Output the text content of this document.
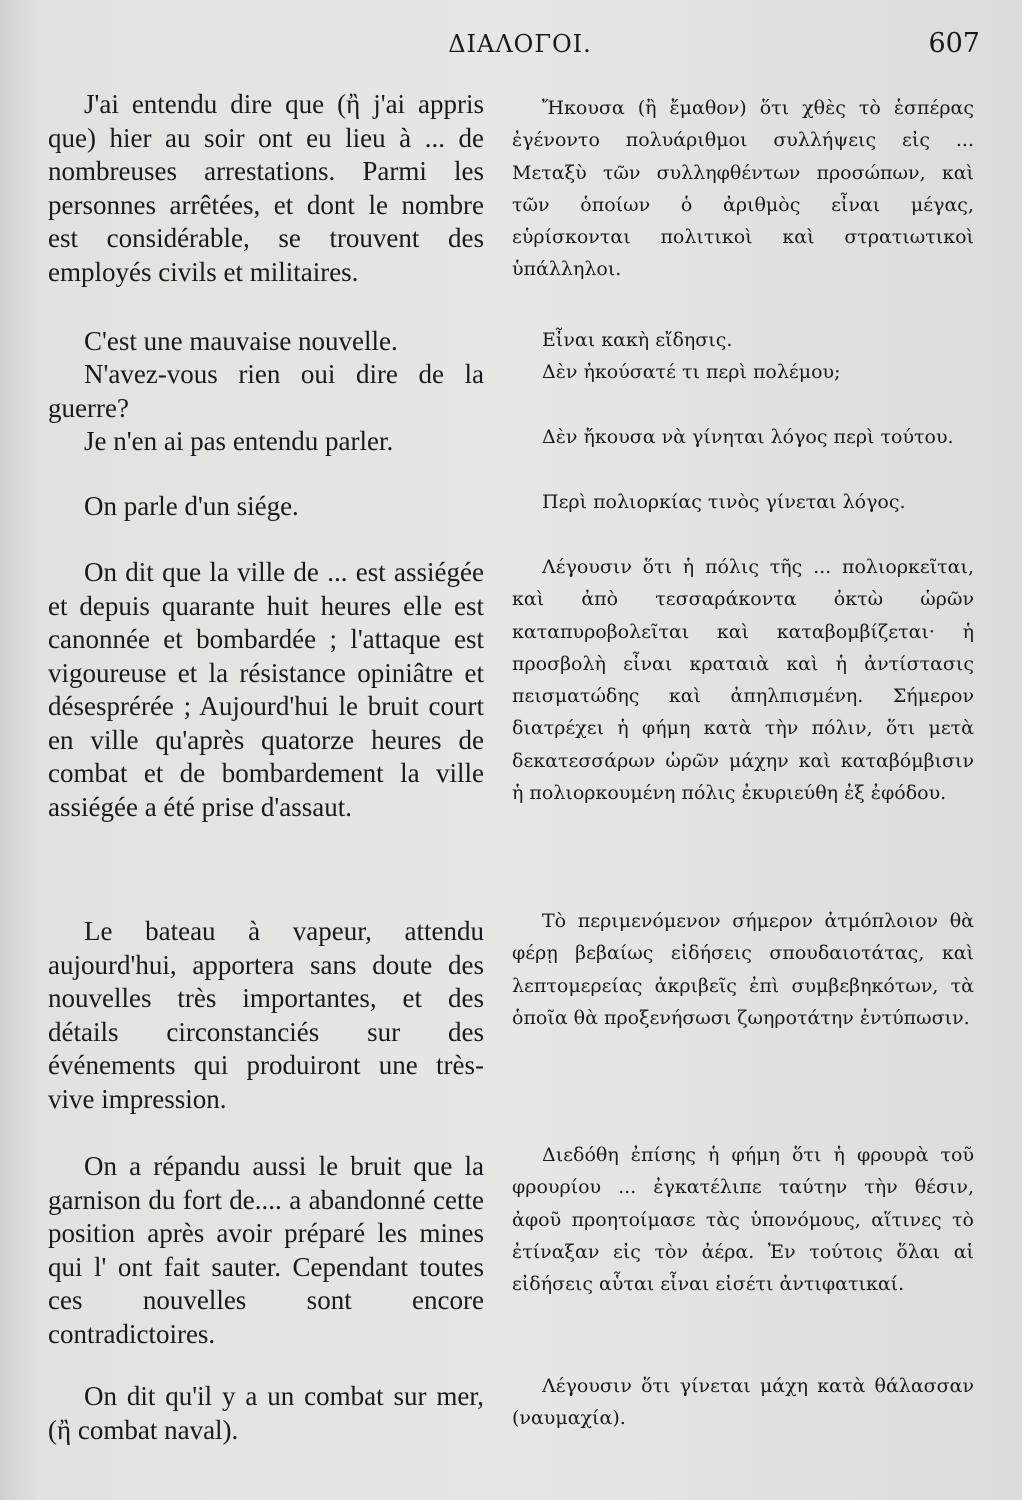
ΔΙΑΛΟΓΟΙ.	607

J'ai entendu dire que (ἢ j'ai appris que) hier au soir ont eu lieu à ... de nombreuses arrestations. Parmi les personnes arrêtées, et dont le nombre est considérable, se trouvent des employés civils et militaires.

C'est une mauvaise nouvelle.

N'avez-vous rien oui dire de la guerre?

Je n'en ai pas entendu parler.

On parle d'un siége.

On dit que la ville de ... est assiégée et depuis quarante huit heures elle est canonnée et bombardée ; l'attaque est vigoureuse et la résistance opiniâtre et désesprérée ; Aujourd'hui le bruit court en ville qu'après quatorze heures de combat et de bombardement la ville assiégée a été prise d'assaut.

Le bateau à vapeur, attendu aujourd'hui, apportera sans doute des nouvelles très importantes, et des détails circonstanciés sur des événements qui produiront une très-vive impression.

On a répandu aussi le bruit que la garnison du fort de.... a abandonné cette position après avoir préparé les mines qui l' ont fait sauter. Cependant toutes ces nouvelles sont encore contradictoires.

On dit qu'il y a un combat sur mer, (ἢ combat naval).

Ἤκουσα (ἢ ἔμαθον) ὅτι χθὲς τὸ ἑσπέρας ἐγένοντο πολυάριθμοι συλλήψεις εἰς ... Μεταξὺ τῶν συλληφθέντων προσώπων, καὶ τῶν ὁποίων ὁ ἀριθμὸς εἶναι μέγας, εὑρίσκονται πολιτικοὶ καὶ στρατιωτικοὶ ὑπάλληλοι.

Εἶναι κακὴ εἴδησις.

Δὲν ἠκούσατέ τι περὶ πολέμου;

Δὲν ἤκουσα νὰ γίνηται λόγος περὶ τούτου.

Περὶ πολιορκίας τινὸς γίνεται λόγος.

Λέγουσιν ὅτι ἡ πόλις τῆς ... πολιορκεῖται, καὶ ἀπὸ τεσσαράκοντα ὀκτὼ ὡρῶν καταπυροβολεῖται καὶ καταβομβίζεται· ἡ προσβολὴ εἶναι κραταιὰ καὶ ἡ ἀντίστασις πεισματώδης καὶ ἀπηλπισμένη. Σήμερον διατρέχει ἡ φήμη κατὰ τὴν πόλιν, ὅτι μετὰ δεκατεσσάρων ὡρῶν μάχην καὶ καταβόμβισιν ἡ πολιορκουμένη πόλις ἐκυριεύθη ἐξ ἐφόδου.

Τὸ περιμενόμενον σήμερον ἀτμόπλοιον θὰ φέρῃ βεβαίως εἰδήσεις σπουδαιοτάτας, καὶ λεπτομερείας ἀκριβεῖς ἐπὶ συμβεβηκότων, τὰ ὁποῖα θὰ προξενήσωσι ζωηροτάτην ἐντύπωσιν.

Διεδόθη ἐπίσης ἡ φήμη ὅτι ἡ φρουρὰ τοῦ φρουρίου ... ἐγκατέλιπε ταύτην τὴν θέσιν, ἀφοῦ προητοίμασε τὰς ὑπονόμους, αἵτινες τὸ ἐτίναξαν εἰς τὸν ἀέρα. Ἐν τούτοις ὅλαι αἱ εἰδήσεις αὗται εἶναι εἰσέτι ἀντιφατικαί.

Λέγουσιν ὅτι γίνεται μάχη κατὰ θάλασσαν (ναυμαχία).
